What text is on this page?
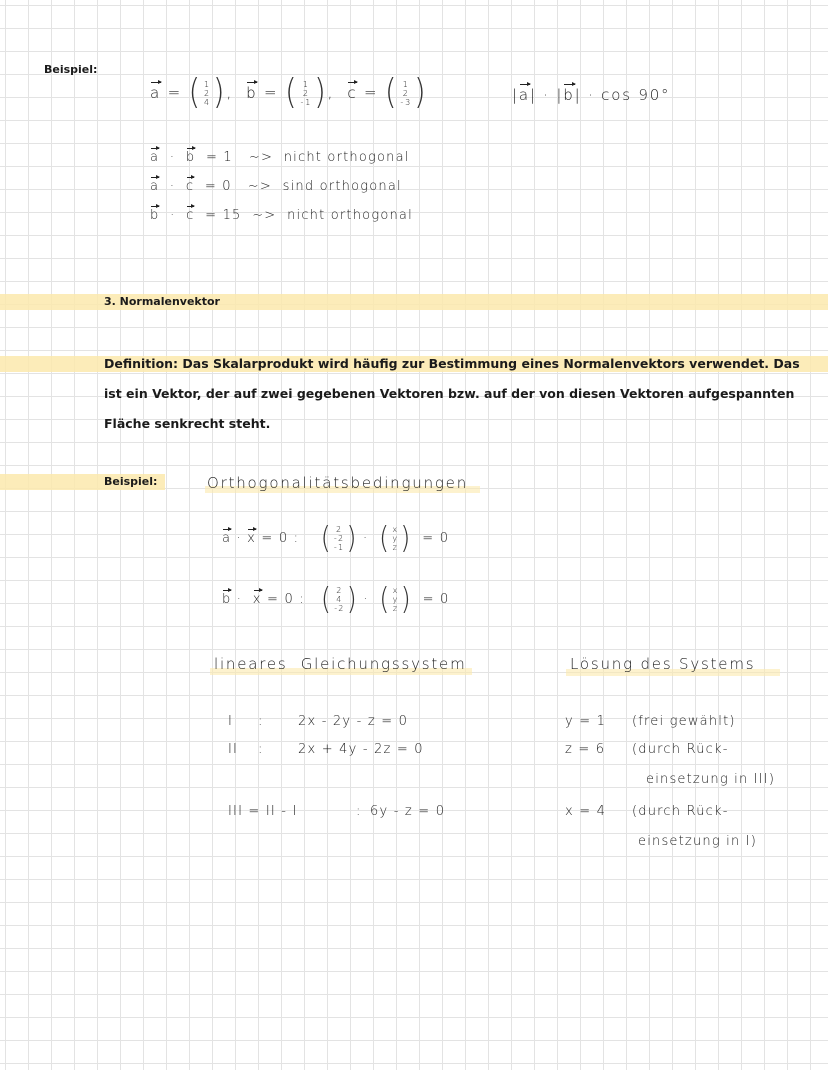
Beispiel:
a = ( 1
2
4 ) ,  b = ( 1
2
-1 ) ,  c = ( 1
2
-3 )	|a| · |b| · cos 90°
a  ·  b = 1 ~> nicht orthogonal
a  ·  c = 0 ~> sind orthogonal
b  ·  c = 15 ~> nicht orthogonal
3. Normalenvektor
Definition: Das Skalarprodukt wird häufig zur Bestimmung eines Normalenvektors verwendet. Das ist ein Vektor, der auf zwei gegebenen Vektoren bzw. auf der von diesen Vektoren aufgespannten Fläche senkrecht steht.
Beispiel:	Orthogonalitätsbedingungen
a · x = 0 : ( 2
-2
-1 ) · ( x
y
z ) = 0
b ·  x = 0 : ( 2
4
-2 ) · ( x
y
z ) = 0
lineares Gleichungssystem
I :	2x - 2y - z = 0
II :	2x + 4y - 2z = 0
III = II - I	: 6y - z = 0
Lösung des Systems
y = 1 (frei gewählt)
z = 6 (durch Rück-
einsetzung in III)
x = 4 (durch Rück-
einsetzung in I)
